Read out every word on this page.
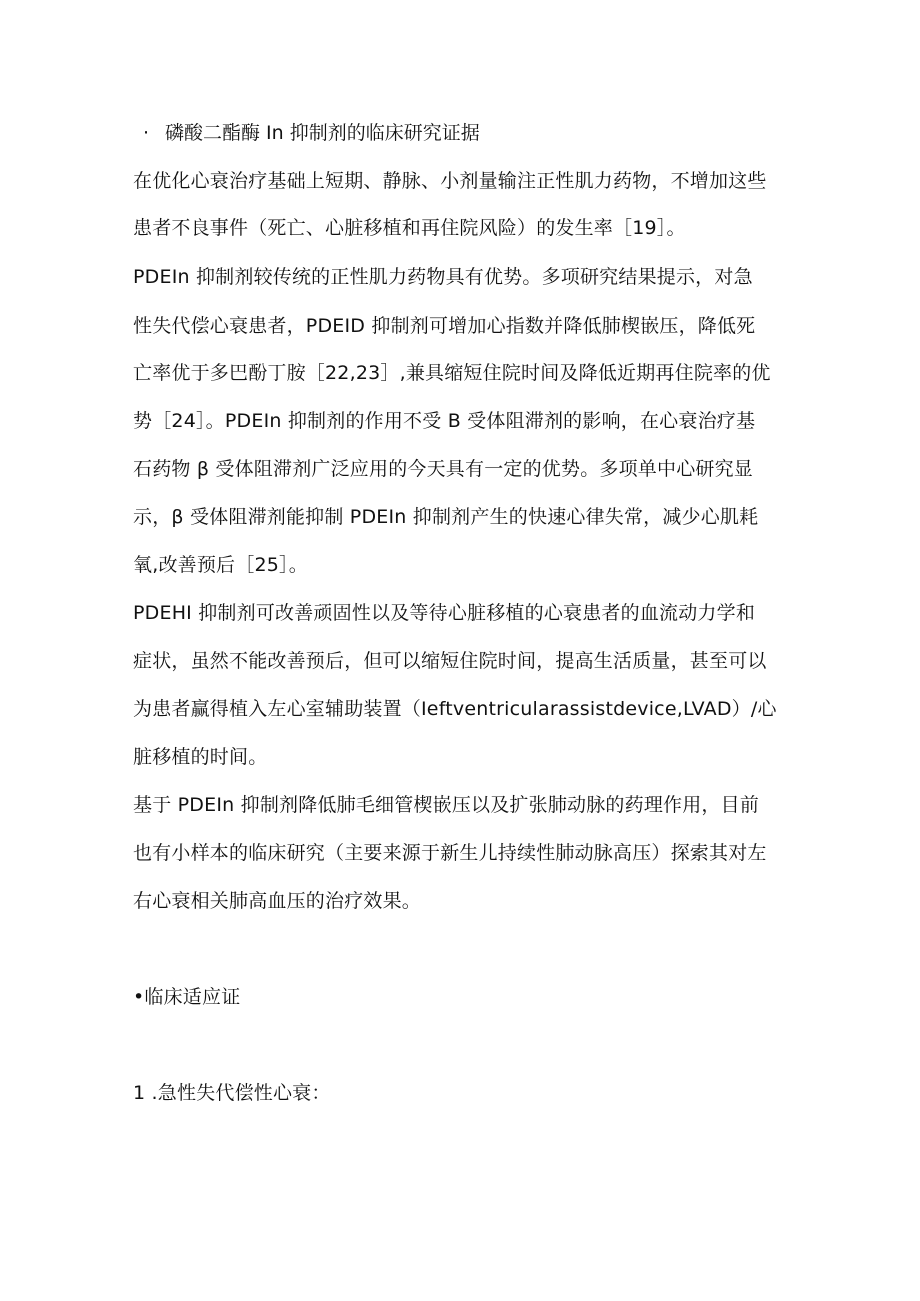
· 磷酸二酯酶 In 抑制剂的临床研究证据
在优化心衰治疗基础上短期、静脉、小剂量输注正性肌力药物，不增加这些
患者不良事件（死亡、心脏移植和再住院风险）的发生率［19］。
PDEIn 抑制剂较传统的正性肌力药物具有优势。多项研究结果提示，对急
性失代偿心衰患者，PDEID 抑制剂可增加心指数并降低肺楔嵌压，降低死
亡率优于多巴酚丁胺［22,23］,兼具缩短住院时间及降低近期再住院率的优
势［24］。PDEIn 抑制剂的作用不受 B 受体阻滞剂的影响，在心衰治疗基
石药物 β 受体阻滞剂广泛应用的今天具有一定的优势。多项单中心研究显
示，β 受体阻滞剂能抑制 PDEIn 抑制剂产生的快速心律失常，减少心肌耗
氧,改善预后［25］。
PDEHI 抑制剂可改善顽固性以及等待心脏移植的心衰患者的血流动力学和
症状，虽然不能改善预后，但可以缩短住院时间，提高生活质量，甚至可以
为患者赢得植入左心室辅助装置（Ieftventricularassistdevice,LVAD）/心
脏移植的时间。
基于 PDEIn 抑制剂降低肺毛细管楔嵌压以及扩张肺动脉的药理作用，目前
也有小样本的临床研究（主要来源于新生儿持续性肺动脉高压）探索其对左
右心衰相关肺高血压的治疗效果。
•临床适应证
1 .急性失代偿性心衰：
